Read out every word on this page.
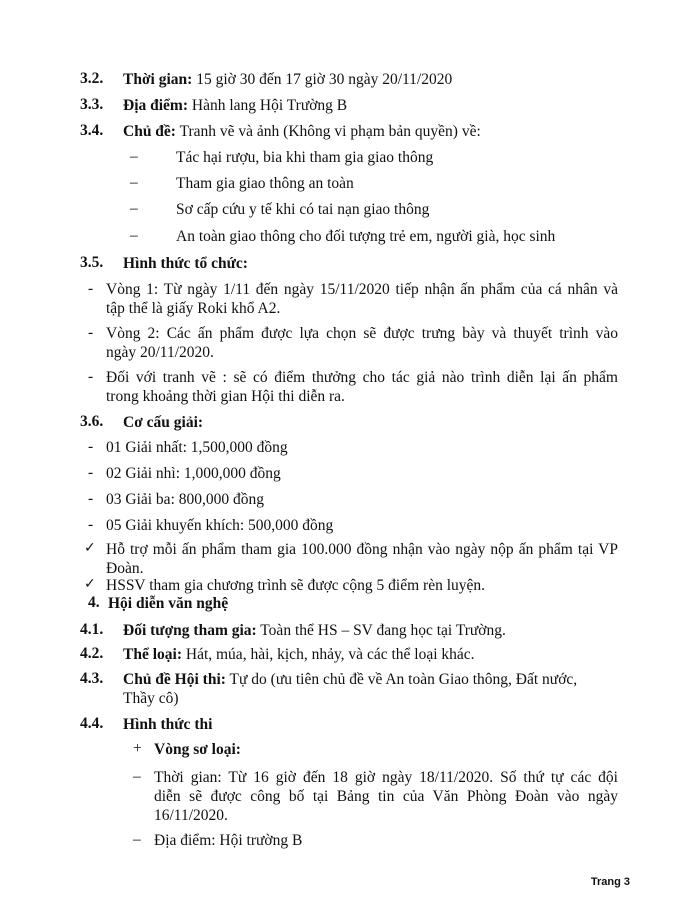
3.2. Thời gian: 15 giờ 30 đến 17 giờ 30 ngày 20/11/2020
3.3. Địa điểm: Hành lang Hội Trường B
3.4. Chủ đề: Tranh vẽ và ảnh (Không vi phạm bản quyền) về:
– Tác hại rượu, bia khi tham gia giao thông
– Tham gia giao thông an toàn
– Sơ cấp cứu y tế khi có tai nạn giao thông
– An toàn giao thông cho đối tượng trẻ em, người già, học sinh
3.5. Hình thức tổ chức:
- Vòng 1: Từ ngày 1/11 đến ngày 15/11/2020 tiếp nhận ấn phẩm của cá nhân và
tập thể là giấy Roki khổ A2.
- Vòng 2: Các ấn phẩm được lựa chọn sẽ được trưng bày và thuyết trình vào
ngày 20/11/2020.
- Đối với tranh vẽ : sẽ có điểm thưởng cho tác giả nào trình diễn lại ấn phẩm
trong khoảng thời gian Hội thi diễn ra.
3.6. Cơ cấu giải:
- 01 Giải nhất: 1,500,000 đồng
- 02 Giải nhì: 1,000,000 đồng
- 03 Giải ba: 800,000 đồng
- 05 Giải khuyến khích: 500,000 đồng
✓ Hỗ trợ mỗi ấn phẩm tham gia 100.000 đồng nhận vào ngày nộp ấn phẩm tại VP
Đoàn.
✓ HSSV tham gia chương trình sẽ được cộng 5 điểm rèn luyện.
4. Hội diễn văn nghệ
4.1. Đối tượng tham gia: Toàn thể HS – SV đang học tại Trường.
4.2. Thể loại: Hát, múa, hài, kịch, nhảy, và các thể loại khác.
4.3. Chủ đề Hội thi: Tự do (ưu tiên chủ đề về An toàn Giao thông, Đất nước,
Thầy cô)
4.4. Hình thức thi
+ Vòng sơ loại:
– Thời gian: Từ 16 giờ đến 18 giờ ngày 18/11/2020. Số thứ tự các đội
diễn sẽ được công bố tại Bảng tin của Văn Phòng Đoàn vào ngày
16/11/2020.
– Địa điểm: Hội trường B
Trang 3
